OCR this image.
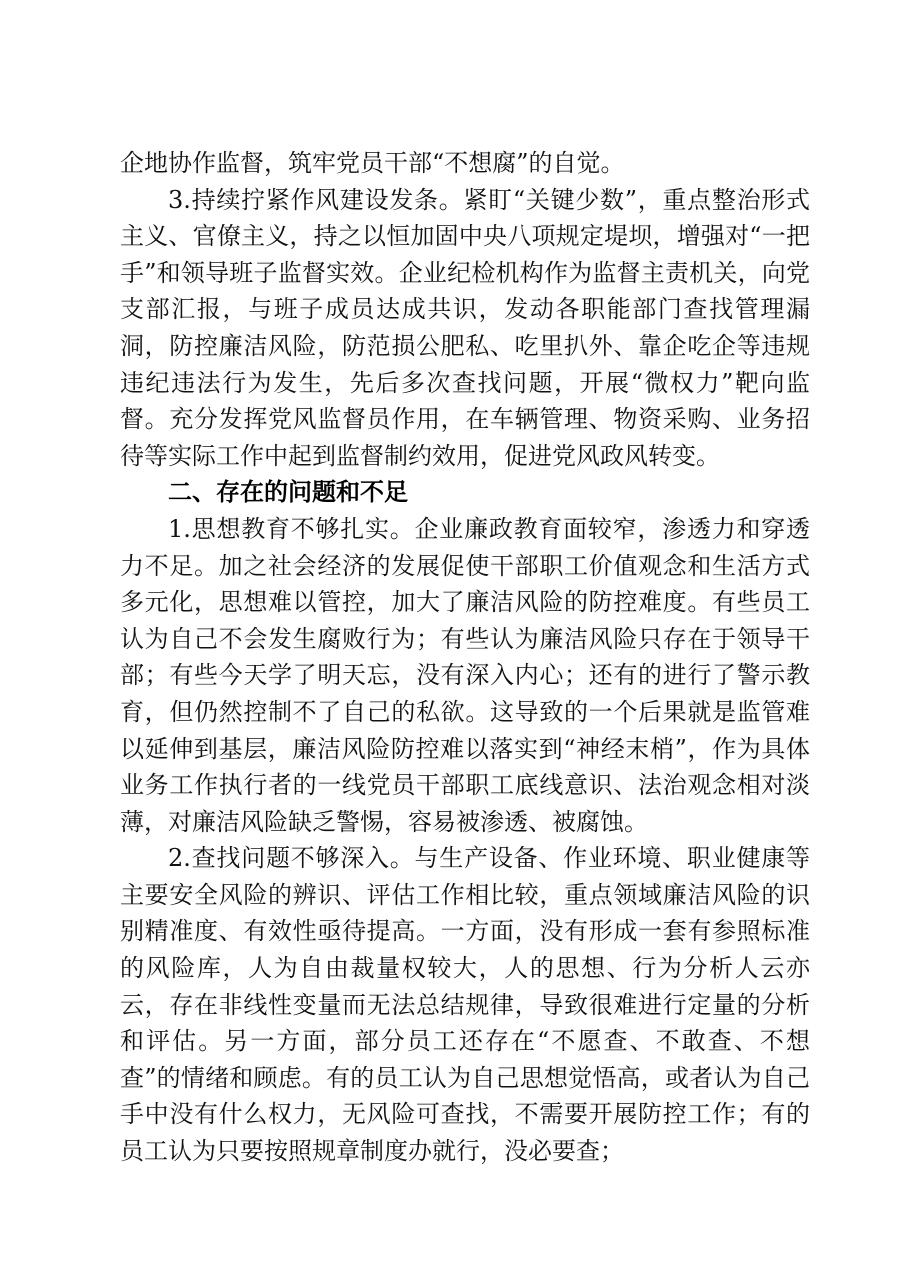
企地协作监督，筑牢党员干部“不想腐”的自觉。

3.持续拧紧作风建设发条。紧盯“关键少数”，重点整治形式主义、官僚主义，持之以恒加固中央八项规定堤坝，增强对“一把手”和领导班子监督实效。企业纪检机构作为监督主责机关，向党支部汇报，与班子成员达成共识，发动各职能部门查找管理漏洞，防控廉洁风险，防范损公肥私、吃里扒外、靠企吃企等违规违纪违法行为发生，先后多次查找问题，开展“微权力”靶向监督。充分发挥党风监督员作用，在车辆管理、物资采购、业务招待等实际工作中起到监督制约效用，促进党风政风转变。

二、存在的问题和不足

1.思想教育不够扎实。企业廉政教育面较窄，渗透力和穿透力不足。加之社会经济的发展促使干部职工价值观念和生活方式多元化，思想难以管控，加大了廉洁风险的防控难度。有些员工认为自己不会发生腐败行为；有些认为廉洁风险只存在于领导干部；有些今天学了明天忘，没有深入内心；还有的进行了警示教育，但仍然控制不了自己的私欲。这导致的一个后果就是监管难以延伸到基层，廉洁风险防控难以落实到“神经末梢”，作为具体业务工作执行者的一线党员干部职工底线意识、法治观念相对淡薄，对廉洁风险缺乏警惕，容易被渗透、被腐蚀。

2.查找问题不够深入。与生产设备、作业环境、职业健康等主要安全风险的辨识、评估工作相比较，重点领域廉洁风险的识别精准度、有效性亟待提高。一方面，没有形成一套有参照标准的风险库，人为自由裁量权较大，人的思想、行为分析人云亦云，存在非线性变量而无法总结规律，导致很难进行定量的分析和评估。另一方面，部分员工还存在“不愿查、不敢查、不想查”的情绪和顾虑。有的员工认为自己思想觉悟高，或者认为自己手中没有什么权力，无风险可查找，不需要开展防控工作；有的员工认为只要按照规章制度办就行，没必要查；
